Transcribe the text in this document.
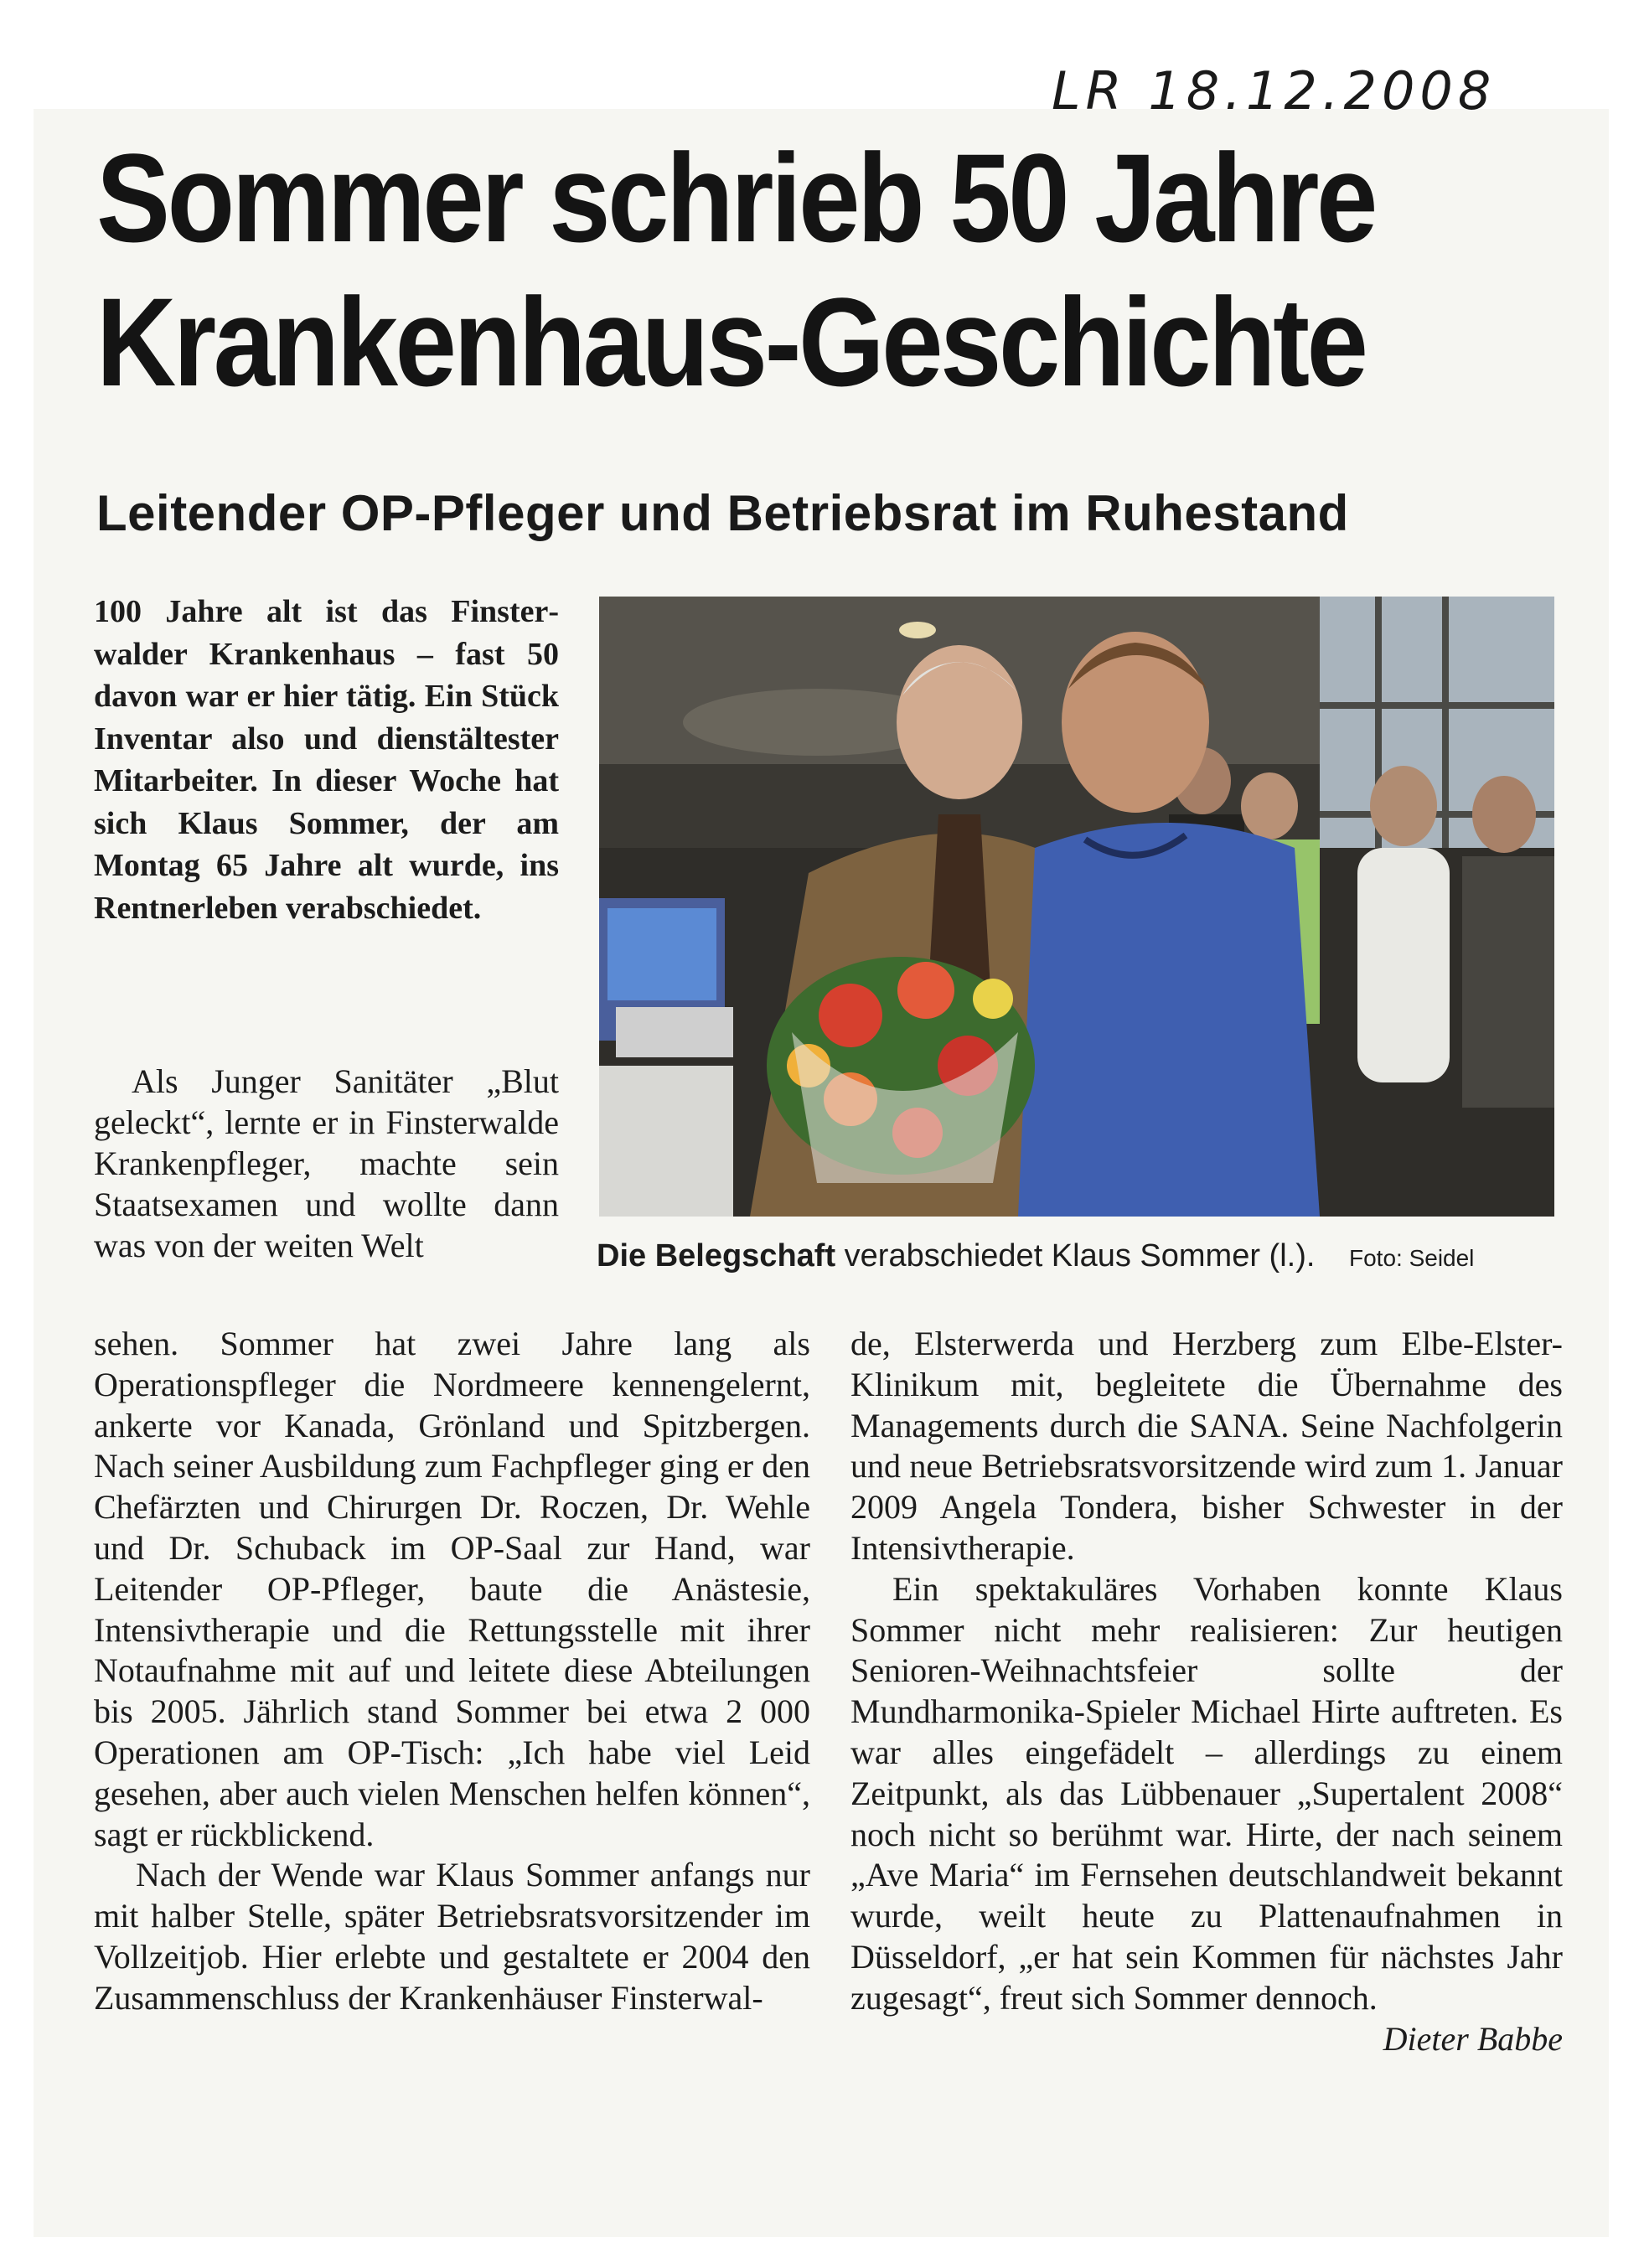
LR 18.12.2008
Sommer schrieb 50 Jahre
Krankenhaus-Geschichte
Leitender OP-Pfleger und Betriebsrat im Ruhestand
100 Jahre alt ist das Finsterwalder Krankenhaus – fast 50 davon war er hier tätig. Ein Stück Inventar also und dienstältester Mitarbeiter. In dieser Woche hat sich Klaus Sommer, der am Montag 65 Jahre alt wurde, ins Rentnerleben verabschiedet.
Als Junger Sanitäter „Blut geleckt“, lernte er in Finsterwalde Krankenpfleger, machte sein Staatsexamen und wollte dann was von der weiten Welt	Die Belegschaft verabschiedet Klaus Sommer (l.). Foto: Seidel

sehen. Sommer hat zwei Jahre lang als Operationspfleger die Nordmeere kennengelernt, ankerte vor Kanada, Grönland und Spitzbergen. Nach seiner Ausbildung zum Fachpfleger ging er den Chefärzten und Chirurgen Dr. Roczen, Dr. Wehle und Dr. Schuback im OP-Saal zur Hand, war Leitender OP-Pfleger, baute die Anästesie, Intensivtherapie und die Rettungsstelle mit ihrer Notaufnahme mit auf und leitete diese Abteilungen bis 2005. Jährlich stand Sommer bei etwa 2 000 Operationen am OP-Tisch: „Ich habe viel Leid gesehen, aber auch vielen Menschen helfen können“, sagt er rückblickend.

Nach der Wende war Klaus Sommer anfangs nur mit halber Stelle, später Betriebsratsvorsitzender im Vollzeitjob. Hier erlebte und gestaltete er 2004 den Zusammenschluss der Krankenhäuser Finsterwal-

de, Elsterwerda und Herzberg zum Elbe-Elster-Klinikum mit, begleitete die Übernahme des Managements durch die SANA. Seine Nachfolgerin und neue Betriebsratsvorsitzende wird zum 1. Januar 2009 Angela Tondera, bisher Schwester in der Intensivtherapie.

Ein spektakuläres Vorhaben konnte Klaus Sommer nicht mehr realisieren: Zur heutigen Senioren-Weihnachtsfeier sollte der Mundharmonika-Spieler Michael Hirte auftreten. Es war alles eingefädelt – allerdings zu einem Zeitpunkt, als das Lübbenauer „Supertalent 2008“ noch nicht so berühmt war. Hirte, der nach seinem „Ave Maria“ im Fernsehen deutschlandweit bekannt wurde, weilt heute zu Plattenaufnahmen in Düsseldorf, „er hat sein Kommen für nächstes Jahr zugesagt“, freut sich Sommer dennoch.
Dieter Babbe
